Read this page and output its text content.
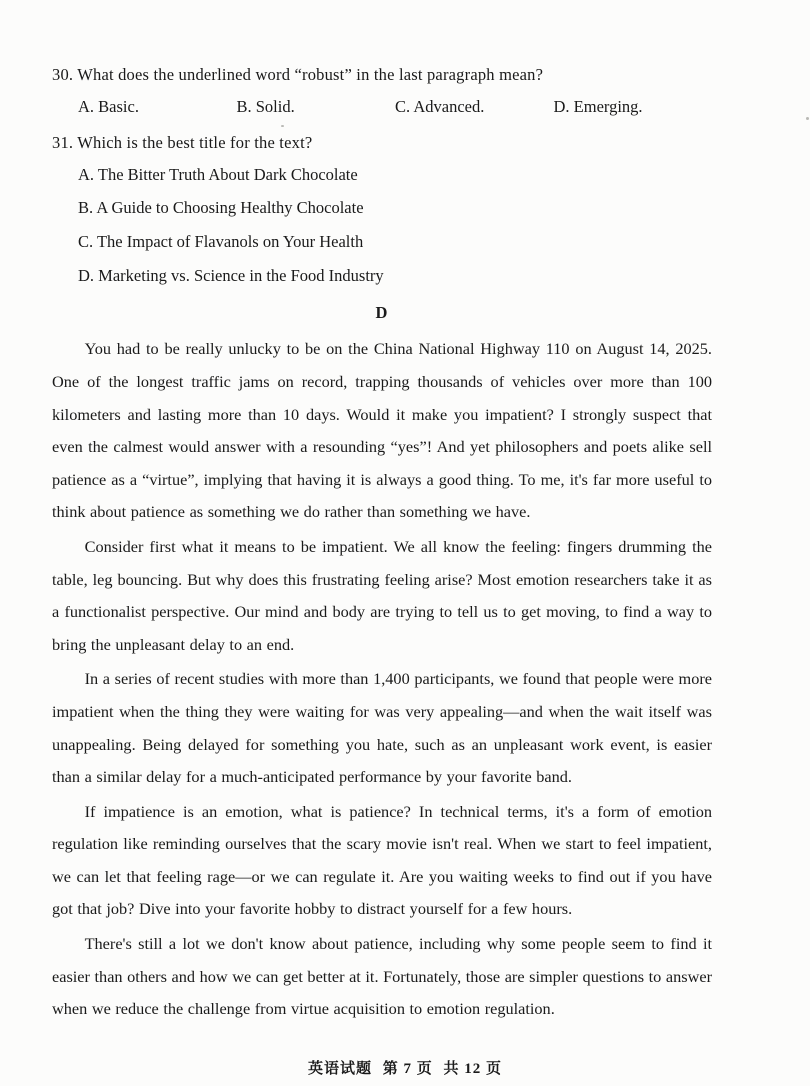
30. What does the underlined word “robust” in the last paragraph mean?

A. Basic.	B. Solid.	C. Advanced.	D. Emerging.

31. Which is the best title for the text?

A. The Bitter Truth About Dark Chocolate
B. A Guide to Choosing Healthy Chocolate
C. The Impact of Flavanols on Your Health
D. Marketing vs. Science in the Food Industry
D

You had to be really unlucky to be on the China National Highway 110 on August 14, 2025. One of the longest traffic jams on record, trapping thousands of vehicles over more than 100 kilometers and lasting more than 10 days. Would it make you impatient? I strongly suspect that even the calmest would answer with a resounding “yes”! And yet philosophers and poets alike sell patience as a “virtue”, implying that having it is always a good thing. To me, it's far more useful to think about patience as something we do rather than something we have.

Consider first what it means to be impatient. We all know the feeling: fingers drumming the table, leg bouncing. But why does this frustrating feeling arise? Most emotion researchers take it as a functionalist perspective. Our mind and body are trying to tell us to get moving, to find a way to bring the unpleasant delay to an end.

In a series of recent studies with more than 1,400 participants, we found that people were more impatient when the thing they were waiting for was very appealing—and when the wait itself was unappealing. Being delayed for something you hate, such as an unpleasant work event, is easier than a similar delay for a much-anticipated performance by your favorite band.

If impatience is an emotion, what is patience? In technical terms, it's a form of emotion regulation like reminding ourselves that the scary movie isn't real. When we start to feel impatient, we can let that feeling rage—or we can regulate it. Are you waiting weeks to find out if you have got that job? Dive into your favorite hobby to distract yourself for a few hours.

There's still a lot we don't know about patience, including why some people seem to find it easier than others and how we can get better at it. Fortunately, those are simpler questions to answer when we reduce the challenge from virtue acquisition to emotion regulation.

英语试题 第 7 页 共 12 页
